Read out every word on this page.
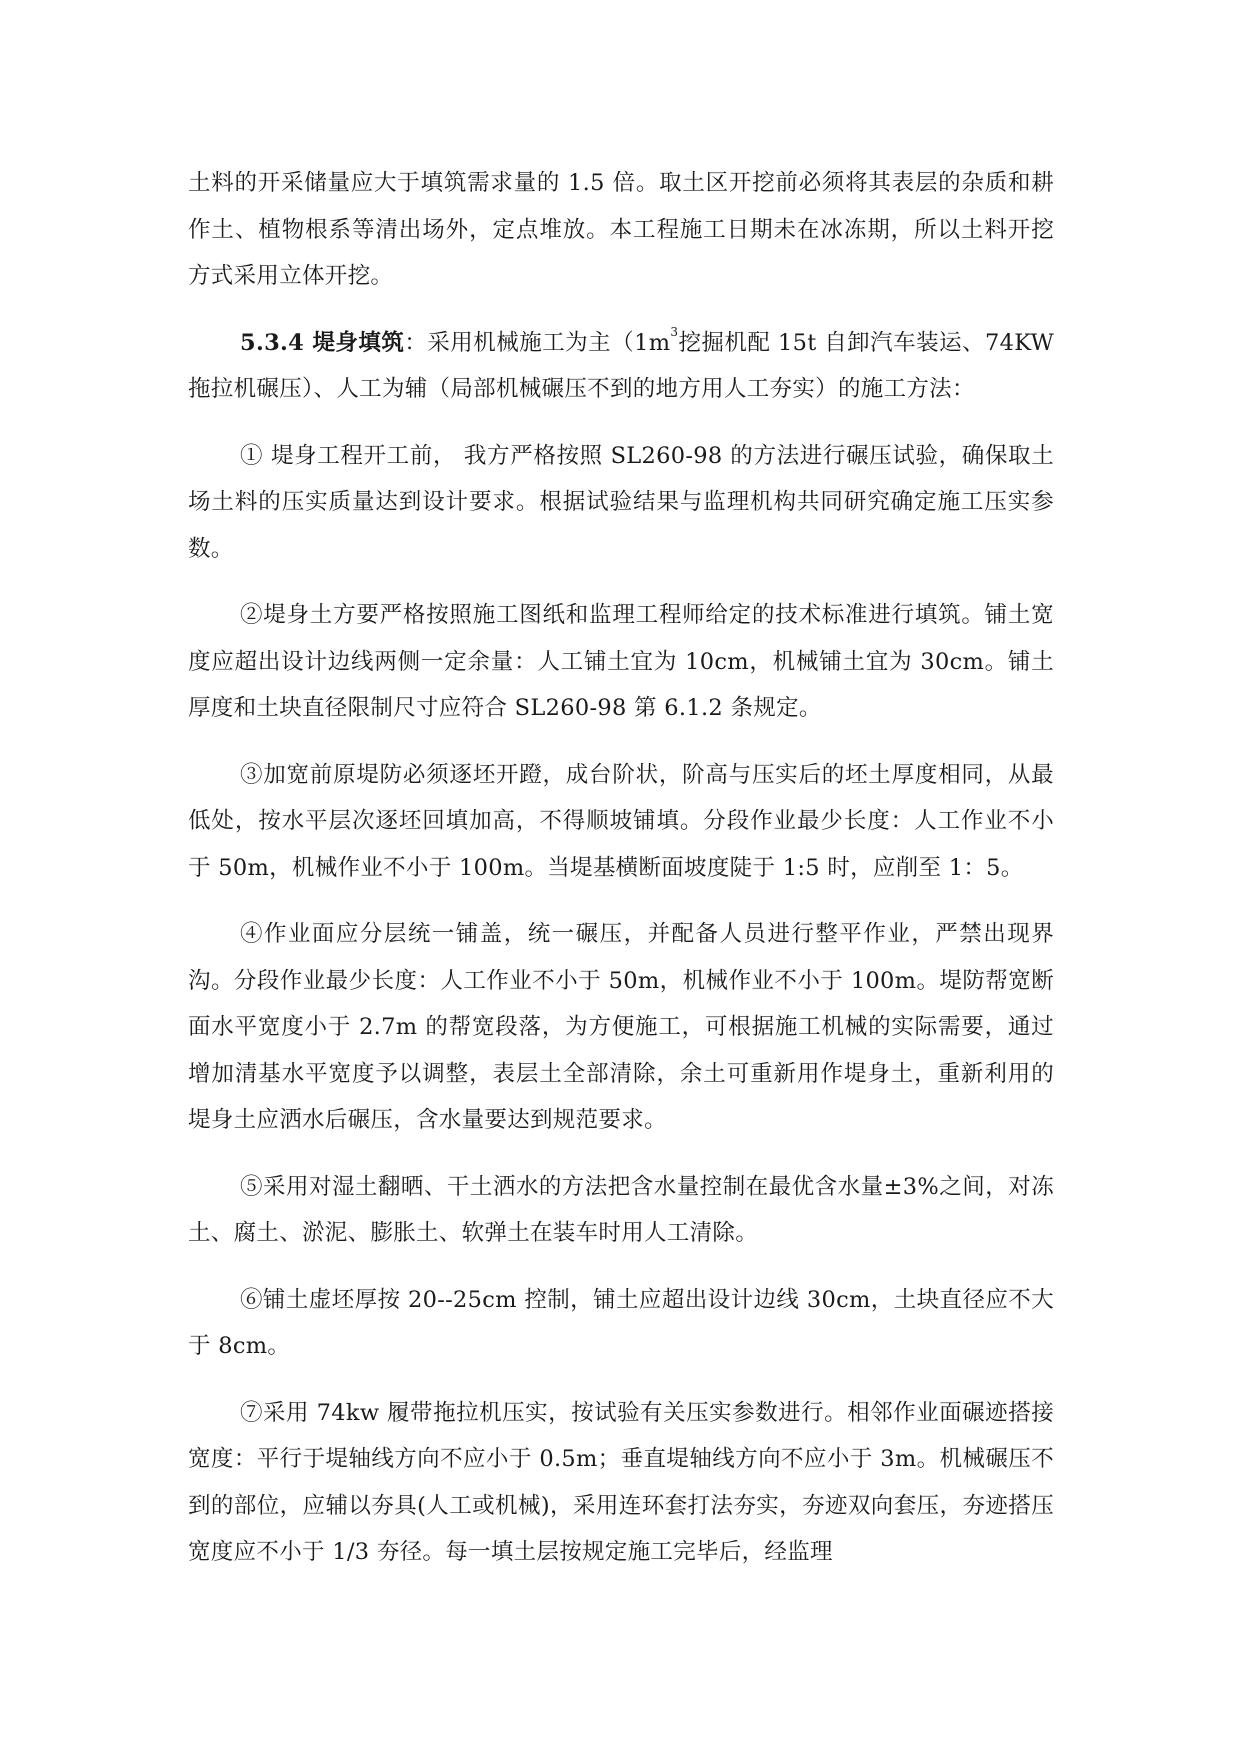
土料的开采储量应大于填筑需求量的 1.5 倍。取土区开挖前必须将其表层的杂质和耕作土、植物根系等清出场外，定点堆放。本工程施工日期未在冰冻期，所以土料开挖方式采用立体开挖。

5.3.4 堤身填筑：采用机械施工为主（$1m^3$挖掘机配 15t 自卸汽车装运、74KW 拖拉机碾压）、人工为辅（局部机械碾压不到的地方用人工夯实）的施工方法：

① 堤身工程开工前， 我方严格按照 SL260-98 的方法进行碾压试验，确保取土场土料的压实质量达到设计要求。根据试验结果与监理机构共同研究确定施工压实参数。

②堤身土方要严格按照施工图纸和监理工程师给定的技术标准进行填筑。铺土宽度应超出设计边线两侧一定余量：人工铺土宜为 10cm，机械铺土宜为 30cm。铺土厚度和土块直径限制尺寸应符合 SL260-98 第 6.1.2 条规定。

③加宽前原堤防必须逐坯开蹬，成台阶状，阶高与压实后的坯土厚度相同，从最低处，按水平层次逐坯回填加高，不得顺坡铺填。分段作业最少长度：人工作业不小于 50m，机械作业不小于 100m。当堤基横断面坡度陡于 1:5 时，应削至 1：5。

④作业面应分层统一铺盖，统一碾压，并配备人员进行整平作业，严禁出现界沟。分段作业最少长度：人工作业不小于 50m，机械作业不小于 100m。堤防帮宽断面水平宽度小于 2.7m 的帮宽段落，为方便施工，可根据施工机械的实际需要，通过增加清基水平宽度予以调整，表层土全部清除，余土可重新用作堤身土，重新利用的堤身土应洒水后碾压，含水量要达到规范要求。

⑤采用对湿土翻晒、干土洒水的方法把含水量控制在最优含水量±3%之间，对冻土、腐土、淤泥、膨胀土、软弹土在装车时用人工清除。

⑥铺土虚坯厚按 20--25cm 控制，铺土应超出设计边线 30cm，土块直径应不大于 8cm。

⑦采用 74kw 履带拖拉机压实，按试验有关压实参数进行。相邻作业面碾迹搭接宽度：平行于堤轴线方向不应小于 0.5m；垂直堤轴线方向不应小于 3m。机械碾压不到的部位，应辅以夯具(人工或机械)，采用连环套打法夯实，夯迹双向套压，夯迹搭压宽度应不小于 1/3 夯径。每一填土层按规定施工完毕后，经监理
